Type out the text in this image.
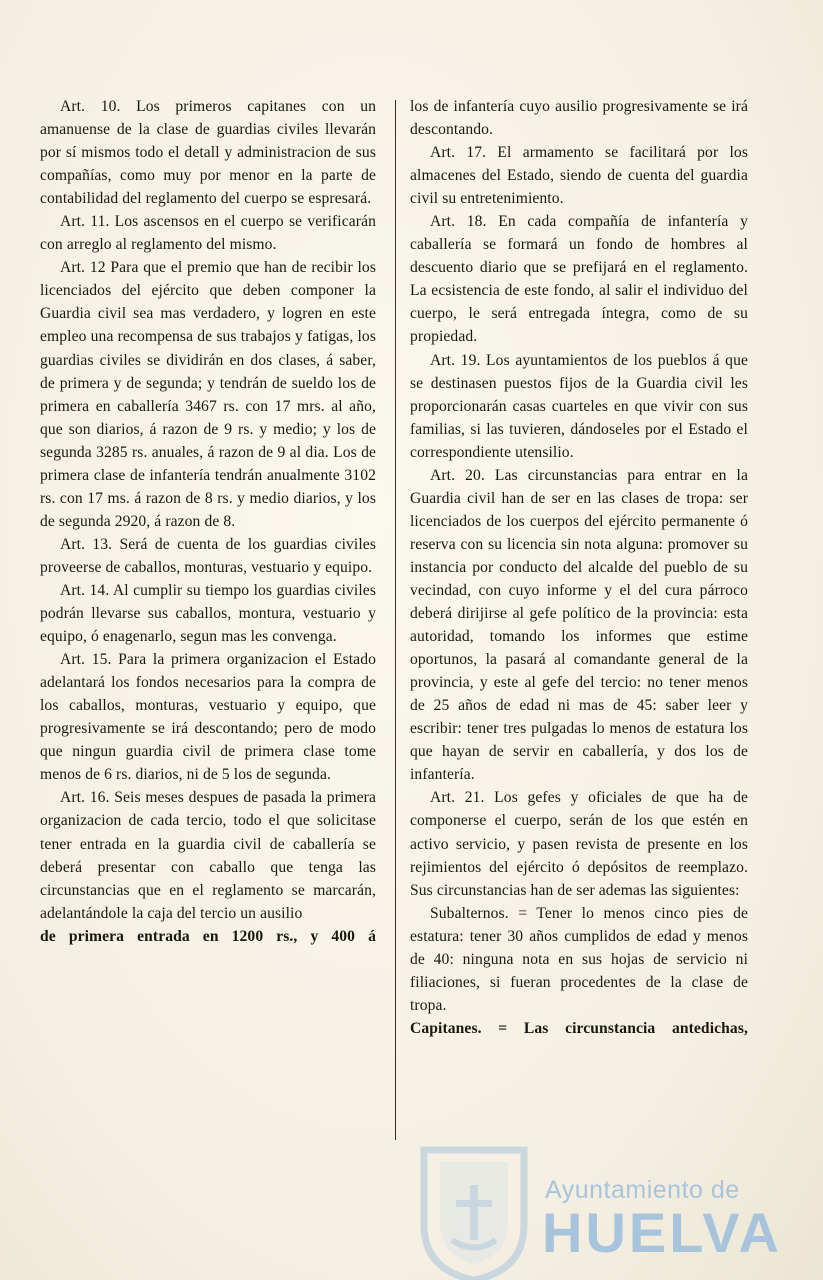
Art. 10. Los primeros capitanes con un amanuense de la clase de guardias civiles llevarán por sí mismos todo el detall y administracion de sus compañías, como muy por menor en la parte de contabilidad del reglamento del cuerpo se espresará.

Art. 11. Los ascensos en el cuerpo se verificarán con arreglo al reglamento del mismo.

Art. 12 Para que el premio que han de recibir los licenciados del ejército que deben componer la Guardia civil sea mas verdadero, y logren en este empleo una recompensa de sus trabajos y fatigas, los guardias civiles se dividirán en dos clases, á saber, de primera y de segunda; y tendrán de sueldo los de primera en caballería 3467 rs. con 17 mrs. al año, que son diarios, á razon de 9 rs. y medio; y los de segunda 3285 rs. anuales, á razon de 9 al dia. Los de primera clase de infantería tendrán anualmente 3102 rs. con 17 ms. á razon de 8 rs. y medio diarios, y los de segunda 2920, á razon de 8.

Art. 13. Será de cuenta de los guardias civiles proveerse de caballos, monturas, vestuario y equipo.

Art. 14. Al cumplir su tiempo los guardias civiles podrán llevarse sus caballos, montura, vestuario y equipo, ó enagenarlo, segun mas les convenga.

Art. 15. Para la primera organizacion el Estado adelantará los fondos necesarios para la compra de los caballos, monturas, vestuario y equipo, que progresivamente se irá descontando; pero de modo que ningun guardia civil de primera clase tome menos de 6 rs. diarios, ni de 5 los de segunda.

Art. 16. Seis meses despues de pasada la primera organizacion de cada tercio, todo el que solicitase tener entrada en la guardia civil de caballería se deberá presentar con caballo que tenga las circunstancias que en el reglamento se marcarán, adelantándole la caja del tercio un ausilio

de primera entrada en 1200 rs., y 400 á

los de infantería cuyo ausilio progresivamente se irá descontando.

Art. 17. El armamento se facilitará por los almacenes del Estado, siendo de cuenta del guardia civil su entretenimiento.

Art. 18. En cada compañía de infantería y caballería se formará un fondo de hombres al descuento diario que se prefijará en el reglamento. La ecsistencia de este fondo, al salir el individuo del cuerpo, le será entregada íntegra, como de su propiedad.

Art. 19. Los ayuntamientos de los pueblos á que se destinasen puestos fijos de la Guardia civil les proporcionarán casas cuarteles en que vivir con sus familias, si las tuvieren, dándoseles por el Estado el correspondiente utensilio.

Art. 20. Las circunstancias para entrar en la Guardia civil han de ser en las clases de tropa: ser licenciados de los cuerpos del ejército permanente ó reserva con su licencia sin nota alguna: promover su instancia por conducto del alcalde del pueblo de su vecindad, con cuyo informe y el del cura párroco deberá dirijirse al gefe político de la provincia: esta autoridad, tomando los informes que estime oportunos, la pasará al comandante general de la provincia, y este al gefe del tercio: no tener menos de 25 años de edad ni mas de 45: saber leer y escribir: tener tres pulgadas lo menos de estatura los que hayan de servir en caballería, y dos los de infantería.

Art. 21. Los gefes y oficiales de que ha de componerse el cuerpo, serán de los que estén en activo servicio, y pasen revista de presente en los rejimientos del ejército ó depósitos de reemplazo. Sus circunstancias han de ser ademas las siguientes:

Subalternos. = Tener lo menos cinco pies de estatura: tener 30 años cumplidos de edad y menos de 40: ninguna nota en sus hojas de servicio ni filiaciones, si fueran procedentes de la clase de tropa.

Capitanes. = Las circunstancia antedichas,

Ayuntamiento de
HUELVA
